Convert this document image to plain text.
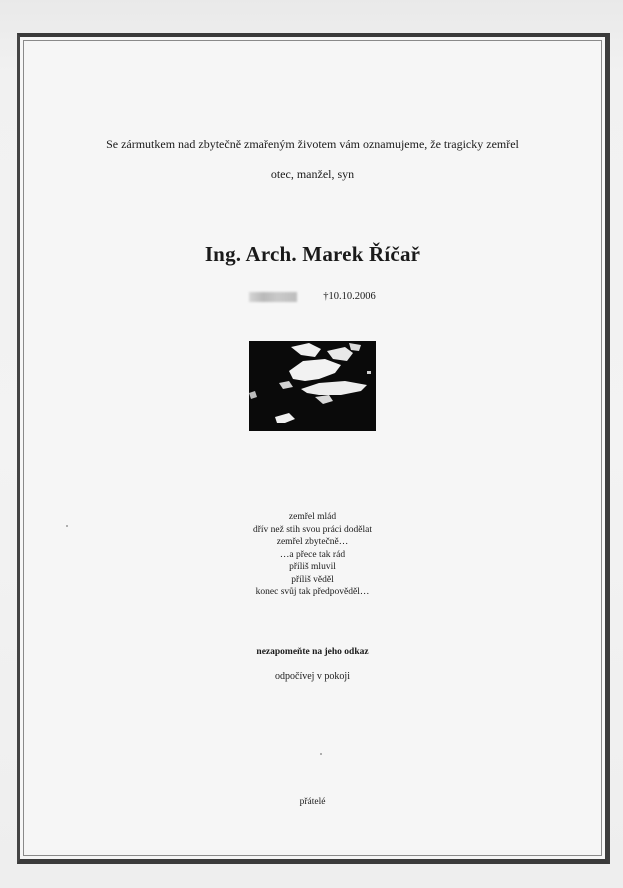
Se zármutkem nad zbytečně zmařeným životem vám oznamujeme, že tragicky zemřel
otec, manžel, syn
Ing. Arch. Marek Říčař
†10.10.2006
zemřel mlád
dřív než stih svou práci dodělat
zemřel zbytečně…
…a přece tak rád
příliš mluvil
příliš věděl
konec svůj tak předpověděl…
nezapomeňte na jeho odkaz
odpočívej v pokoji
přátelé
